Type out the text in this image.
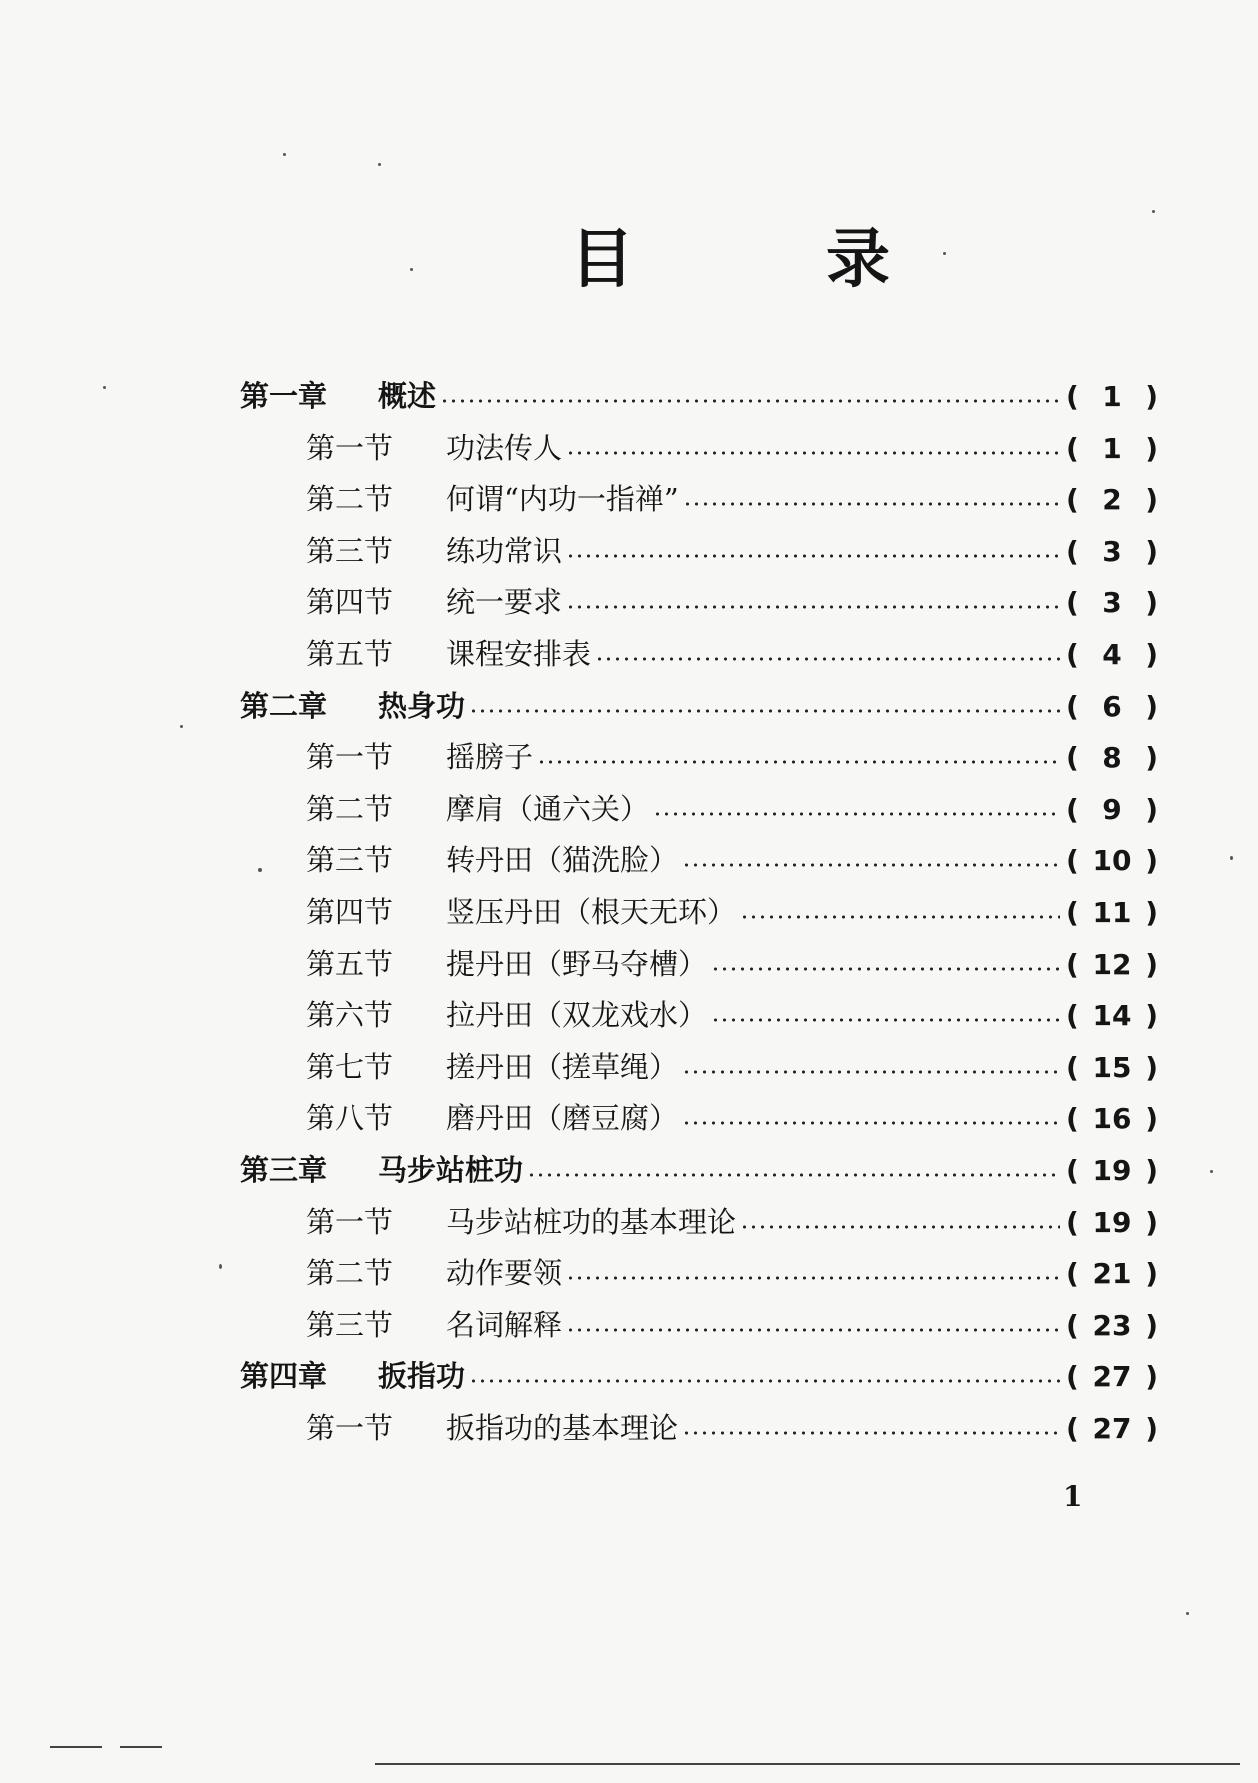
目	录
第一章	概述	( 1 )
第一节	功法传人	( 1 )
第二节	何谓“内功一指禅”	( 2 )
第三节	练功常识	( 3 )
第四节	统一要求	( 3 )
第五节	课程安排表	( 4 )
第二章	热身功	( 6 )
第一节	摇膀子	( 8 )
第二节	摩肩（通六关）	( 9 )
第三节	转丹田（猫洗脸）	( 10 )
第四节	竖压丹田（根天无环）	( 11 )
第五节	提丹田（野马夺槽）	( 12 )
第六节	拉丹田（双龙戏水）	( 14 )
第七节	搓丹田（搓草绳）	( 15 )
第八节	磨丹田（磨豆腐）	( 16 )
第三章	马步站桩功	( 19 )
第一节	马步站桩功的基本理论	( 19 )
第二节	动作要领	( 21 )
第三节	名词解释	( 23 )
第四章	扳指功	( 27 )
第一节	扳指功的基本理论	( 27 )
1
